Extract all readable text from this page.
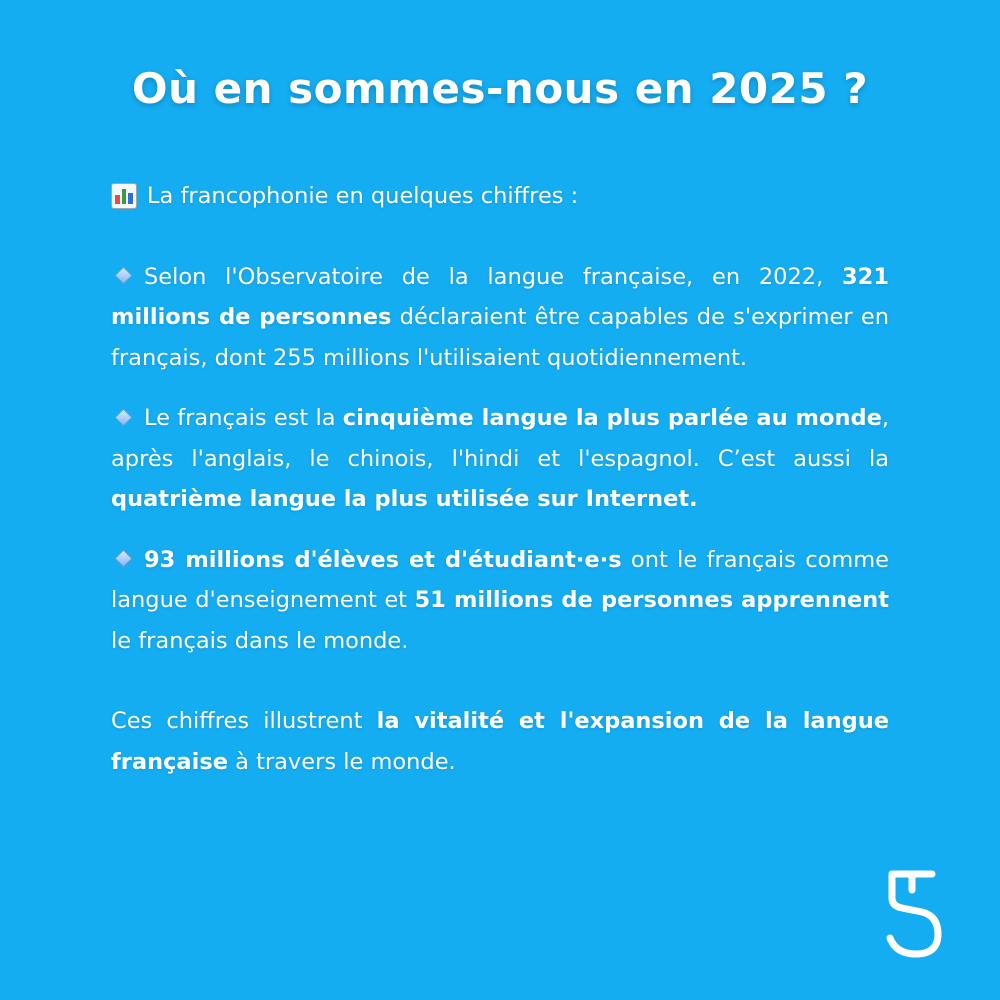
Où en sommes-nous en 2025 ?
La francophonie en quelques chiffres :

Selon l'Observatoire de la langue française, en 2022, 321 millions de personnes déclaraient être capables de s'exprimer en français, dont 255 millions l'utilisaient quotidiennement.

Le français est la cinquième langue la plus parlée au monde, après l'anglais, le chinois, l'hindi et l'espagnol. C’est aussi la quatrième langue la plus utilisée sur Internet.

93 millions d'élèves et d'étudiant·e·s ont le français comme langue d'enseignement et 51 millions de personnes apprennent le français dans le monde.

Ces chiffres illustrent la vitalité et l'expansion de la langue française à travers le monde.
